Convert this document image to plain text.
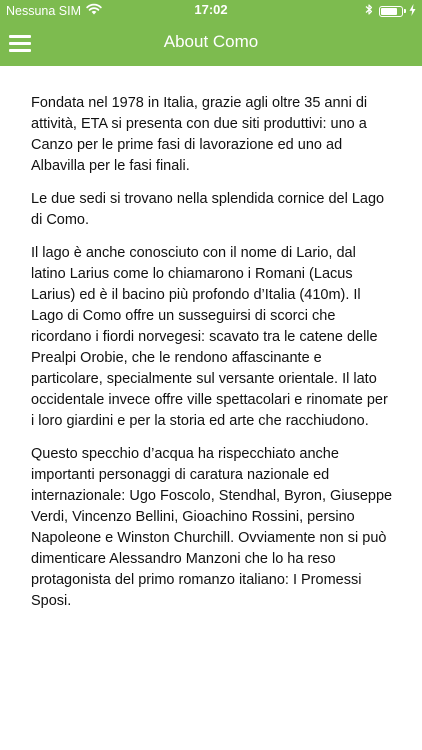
Nessuna SIM	17:02
About Como

Fondata nel 1978 in Italia, grazie agli oltre 35 anni di attività, ETA si presenta con due siti produttivi: uno a Canzo per le prime fasi di lavorazione ed uno ad Albavilla per le fasi finali.

Le due sedi si trovano nella splendida cornice del Lago di Como.

Il lago è anche conosciuto con il nome di Lario, dal latino Larius come lo chiamarono i Romani (Lacus Larius) ed è il bacino più profondo d’Italia (410m). Il Lago di Como offre un susseguirsi di scorci che ricordano i fiordi norvegesi: scavato tra le catene delle Prealpi Orobie, che le rendono affascinante e particolare, specialmente sul versante orientale. Il lato occidentale invece offre ville spettacolari e rinomate per i loro giardini e per la storia ed arte che racchiudono.

Questo specchio d’acqua ha rispecchiato anche importanti personaggi di caratura nazionale ed internazionale: Ugo Foscolo, Stendhal, Byron, Giuseppe Verdi, Vincenzo Bellini, Gioachino Rossini, persino Napoleone e Winston Churchill. Ovviamente non si può dimenticare Alessandro Manzoni che lo ha reso protagonista del primo romanzo italiano: I Promessi Sposi.
